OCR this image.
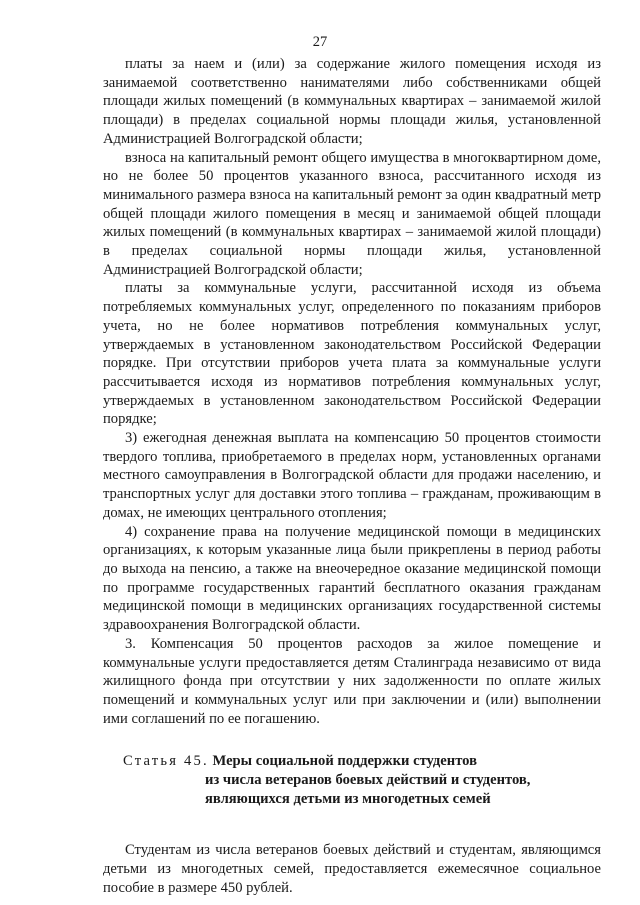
27

платы за наем и (или) за содержание жилого помещения исходя из занимаемой соответственно нанимателями либо собственниками общей площади жилых помещений (в коммунальных квартирах – занимаемой жилой площади) в пределах социальной нормы площади жилья, установленной Администрацией Волгоградской области;

взноса на капитальный ремонт общего имущества в многоквартирном доме, но не более 50 процентов указанного взноса, рассчитанного исходя из минимального размера взноса на капитальный ремонт за один квадратный метр общей площади жилого помещения в месяц и занимаемой общей площади жилых помещений (в коммунальных квартирах – занимаемой жилой площади) в пределах социальной нормы площади жилья, установленной Администрацией Волгоградской области;

платы за коммунальные услуги, рассчитанной исходя из объема потребляемых коммунальных услуг, определенного по показаниям приборов учета, но не более нормативов потребления коммунальных услуг, утверждаемых в установленном законодательством Российской Федерации порядке. При отсутствии приборов учета плата за коммунальные услуги рассчитывается исходя из нормативов потребления коммунальных услуг, утверждаемых в установленном законодательством Российской Федерации порядке;

3) ежегодная денежная выплата на компенсацию 50 процентов стоимости твердого топлива, приобретаемого в пределах норм, установленных органами местного самоуправления в Волгоградской области для продажи населению, и транспортных услуг для доставки этого топлива – гражданам, проживающим в домах, не имеющих центрального отопления;

4) сохранение права на получение медицинской помощи в медицинских организациях, к которым указанные лица были прикреплены в период работы до выхода на пенсию, а также на внеочередное оказание медицинской помощи по программе государственных гарантий бесплатного оказания гражданам медицинской помощи в медицинских организациях государственной системы здравоохранения Волгоградской области.

3. Компенсация 50 процентов расходов за жилое помещение и коммунальные услуги предоставляется детям Сталинграда независимо от вида жилищного фонда при отсутствии у них задолженности по оплате жилых помещений и коммунальных услуг или при заключении и (или) выполнении ими соглашений по ее погашению.

Статья 45. Меры социальной поддержки студентов
из числа ветеранов боевых действий и студентов,
являющихся детьми из многодетных семей

Студентам из числа ветеранов боевых действий и студентам, являющимся детьми из многодетных семей, предоставляется ежемесячное социальное пособие в размере 450 рублей.
